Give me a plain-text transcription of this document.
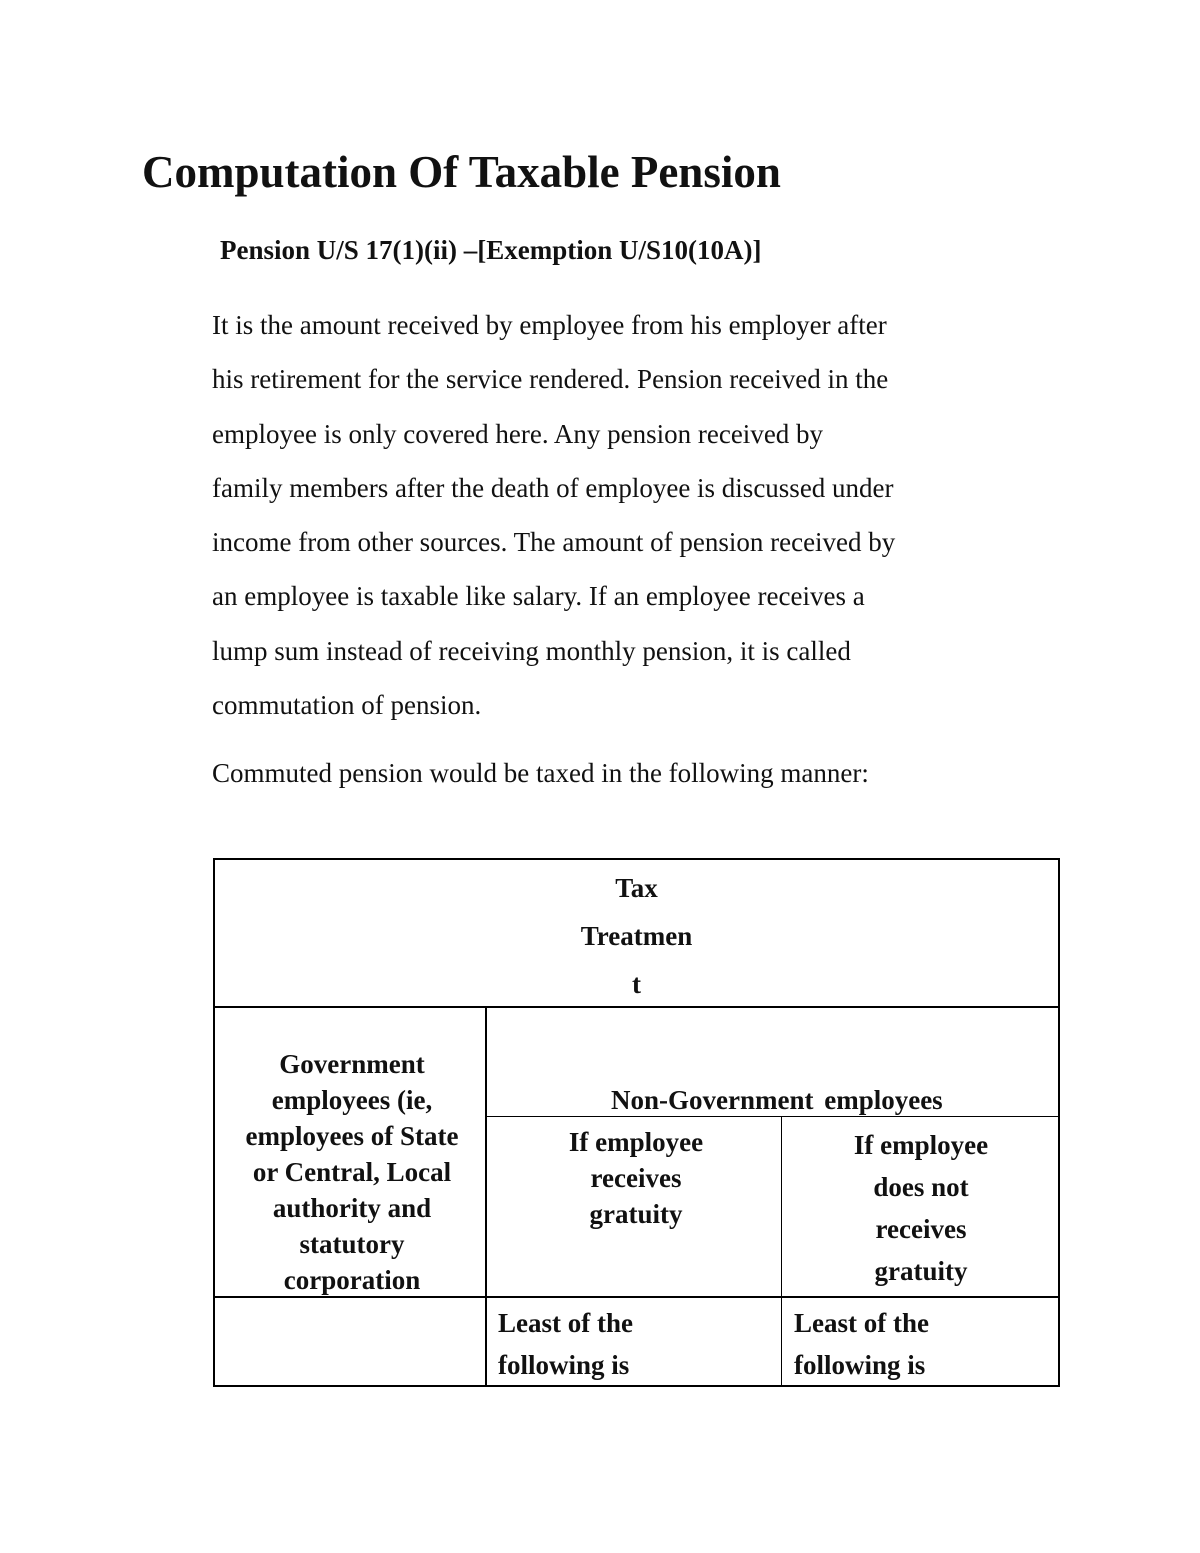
Computation Of Taxable Pension
Pension U/S 17(1)(ii) –[Exemption U/S10(10A)]
It is the amount received by employee from his employer after
his retirement for the service rendered. Pension received in the
employee is only covered here. Any pension received by
family members after the death of employee is discussed under
income from other sources. The amount of pension received by
an employee is taxable like salary. If an employee receives a
lump sum instead of receiving monthly pension, it is called
commutation of pension.

Commuted pension would be taxed in the following manner:

Tax
Treatmen
t
Government
employees (ie,
employees of State
or Central, Local
authority and
statutory
corporation
Non-Government employees
If employee
receives
gratuity
If employee
does not
receives
gratuity
Least of the
following is
Least of the
following is
